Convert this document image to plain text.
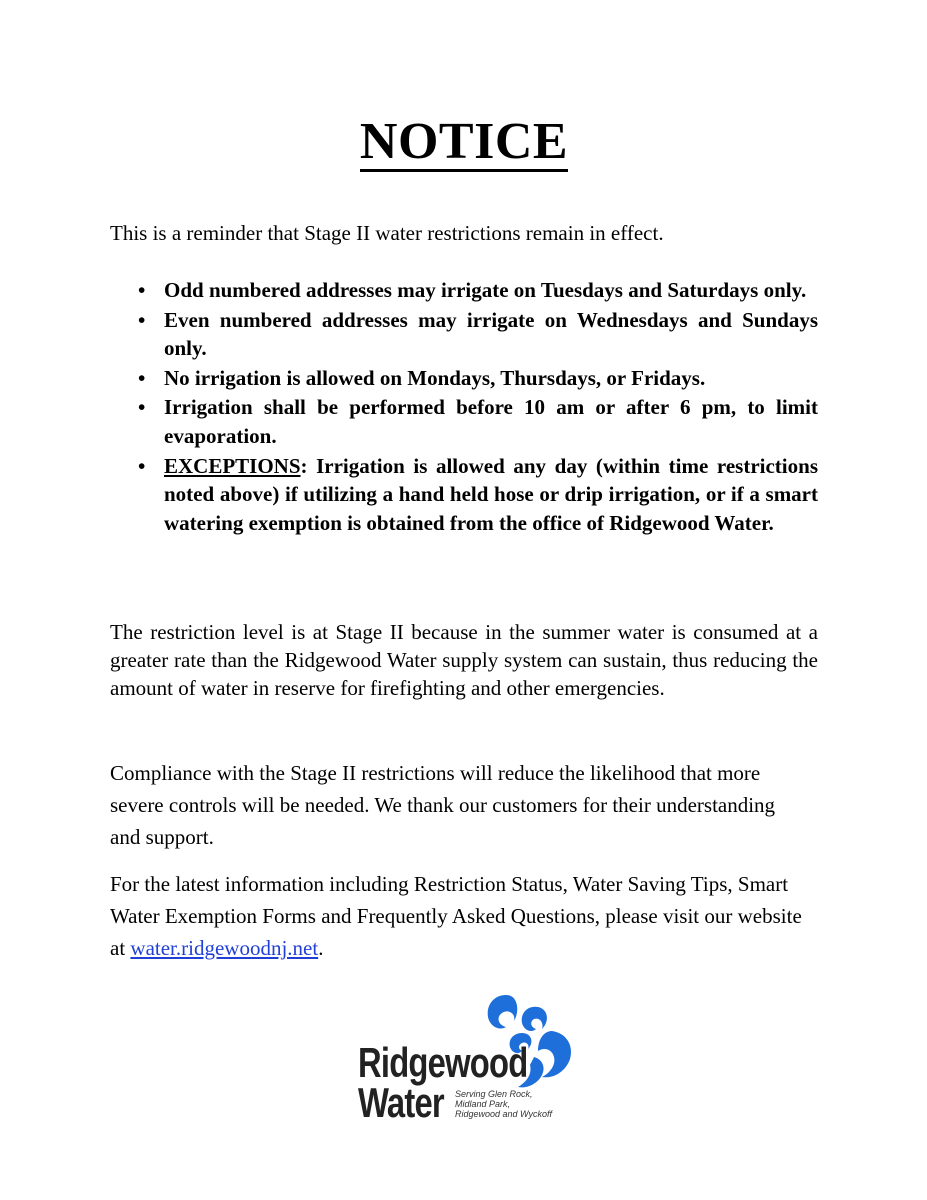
NOTICE

This is a reminder that Stage II water restrictions remain in effect.

• Odd numbered addresses may irrigate on Tuesdays and Saturdays only.
• Even numbered addresses may irrigate on Wednesdays and Sundays only.
• No irrigation is allowed on Mondays, Thursdays, or Fridays.
• Irrigation shall be performed before 10 am or after 6 pm, to limit evaporation.
• EXCEPTIONS: Irrigation is allowed any day (within time restrictions noted above) if utilizing a hand held hose or drip irrigation, or if a smart watering exemption is obtained from the office of Ridgewood Water.

The restriction level is at Stage II because in the summer water is consumed at a greater rate than the Ridgewood Water supply system can sustain, thus reducing the amount of water in reserve for firefighting and other emergencies.

Compliance with the Stage II restrictions will reduce the likelihood that more severe controls will be needed. We thank our customers for their understanding and support.

For the latest information including Restriction Status, Water Saving Tips, Smart Water Exemption Forms and Frequently Asked Questions, please visit our website at water.ridgewoodnj.net.

Ridgewood
Water Serving Glen Rock, Midland Park, Ridgewood and Wyckoff
